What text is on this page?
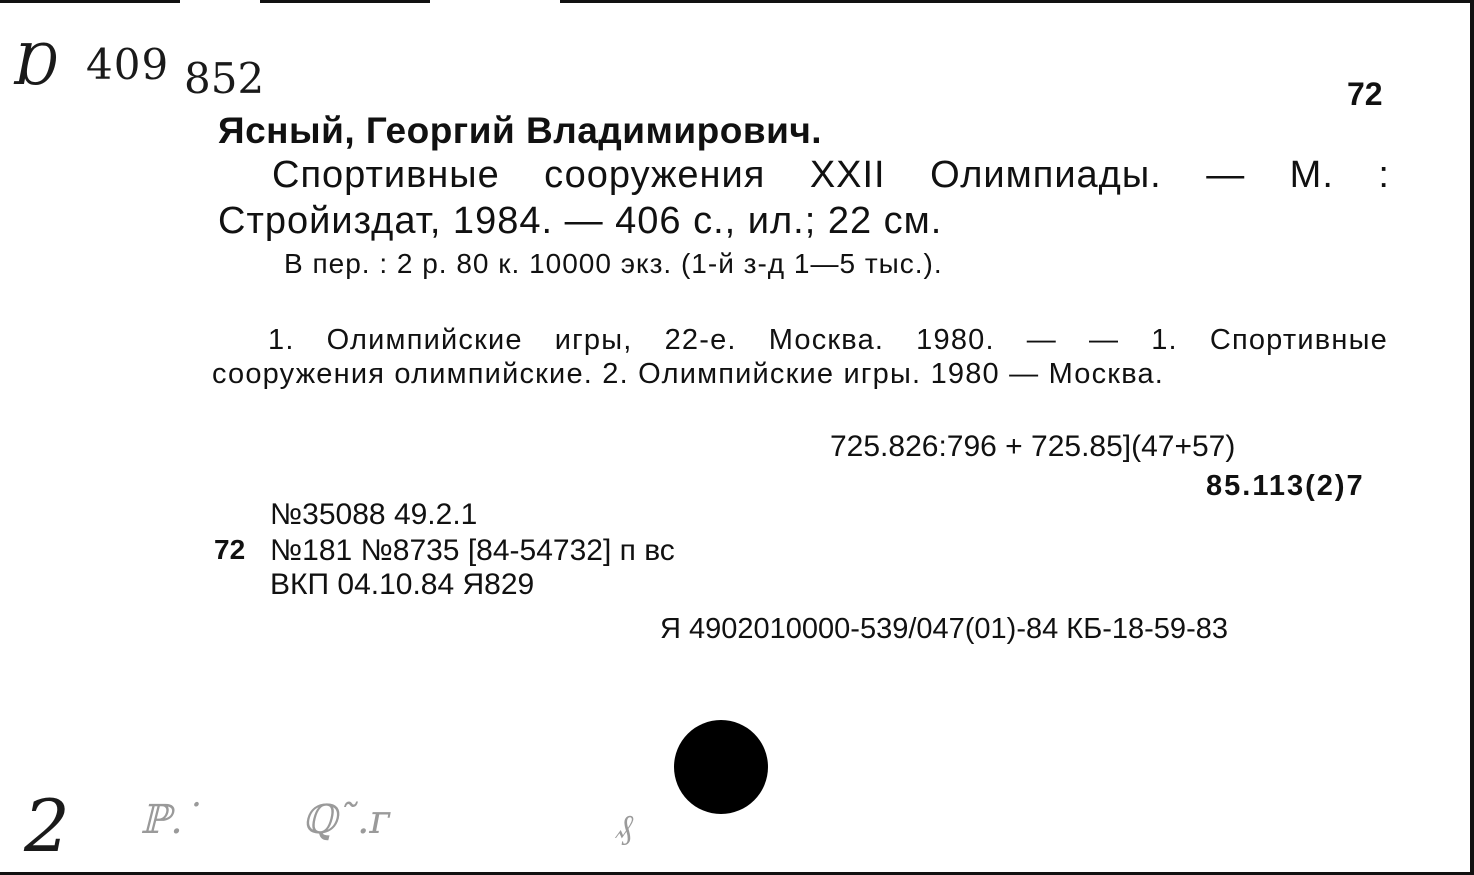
Ɒ 409 852	72
Ясный, Георгий Владимирович.
Спортивные сооружения XXII Олимпиады. — М. :
Стройиздат, 1984. — 406 с., ил.; 22 см.
В пер. : 2 р. 80 к. 10000 экз. (1-й з-д 1—5 тыс.).
1. Олимпийские игры, 22-е. Москва. 1980. — — 1. Спортивные
сооружения олимпийские. 2. Олимпийские игры. 1980 — Москва.
725.826:796 + 725.85](47+57)
85.113(2)7
№35088 49.2.1
72 №181 №8735 [84-54732] п вс
ВКП 04.10.84 Я829
Я 4902010000-539/047(01)-84 КБ-18-59-83
2 ℙ.˙ ℚ˜.ᴦ	₰
